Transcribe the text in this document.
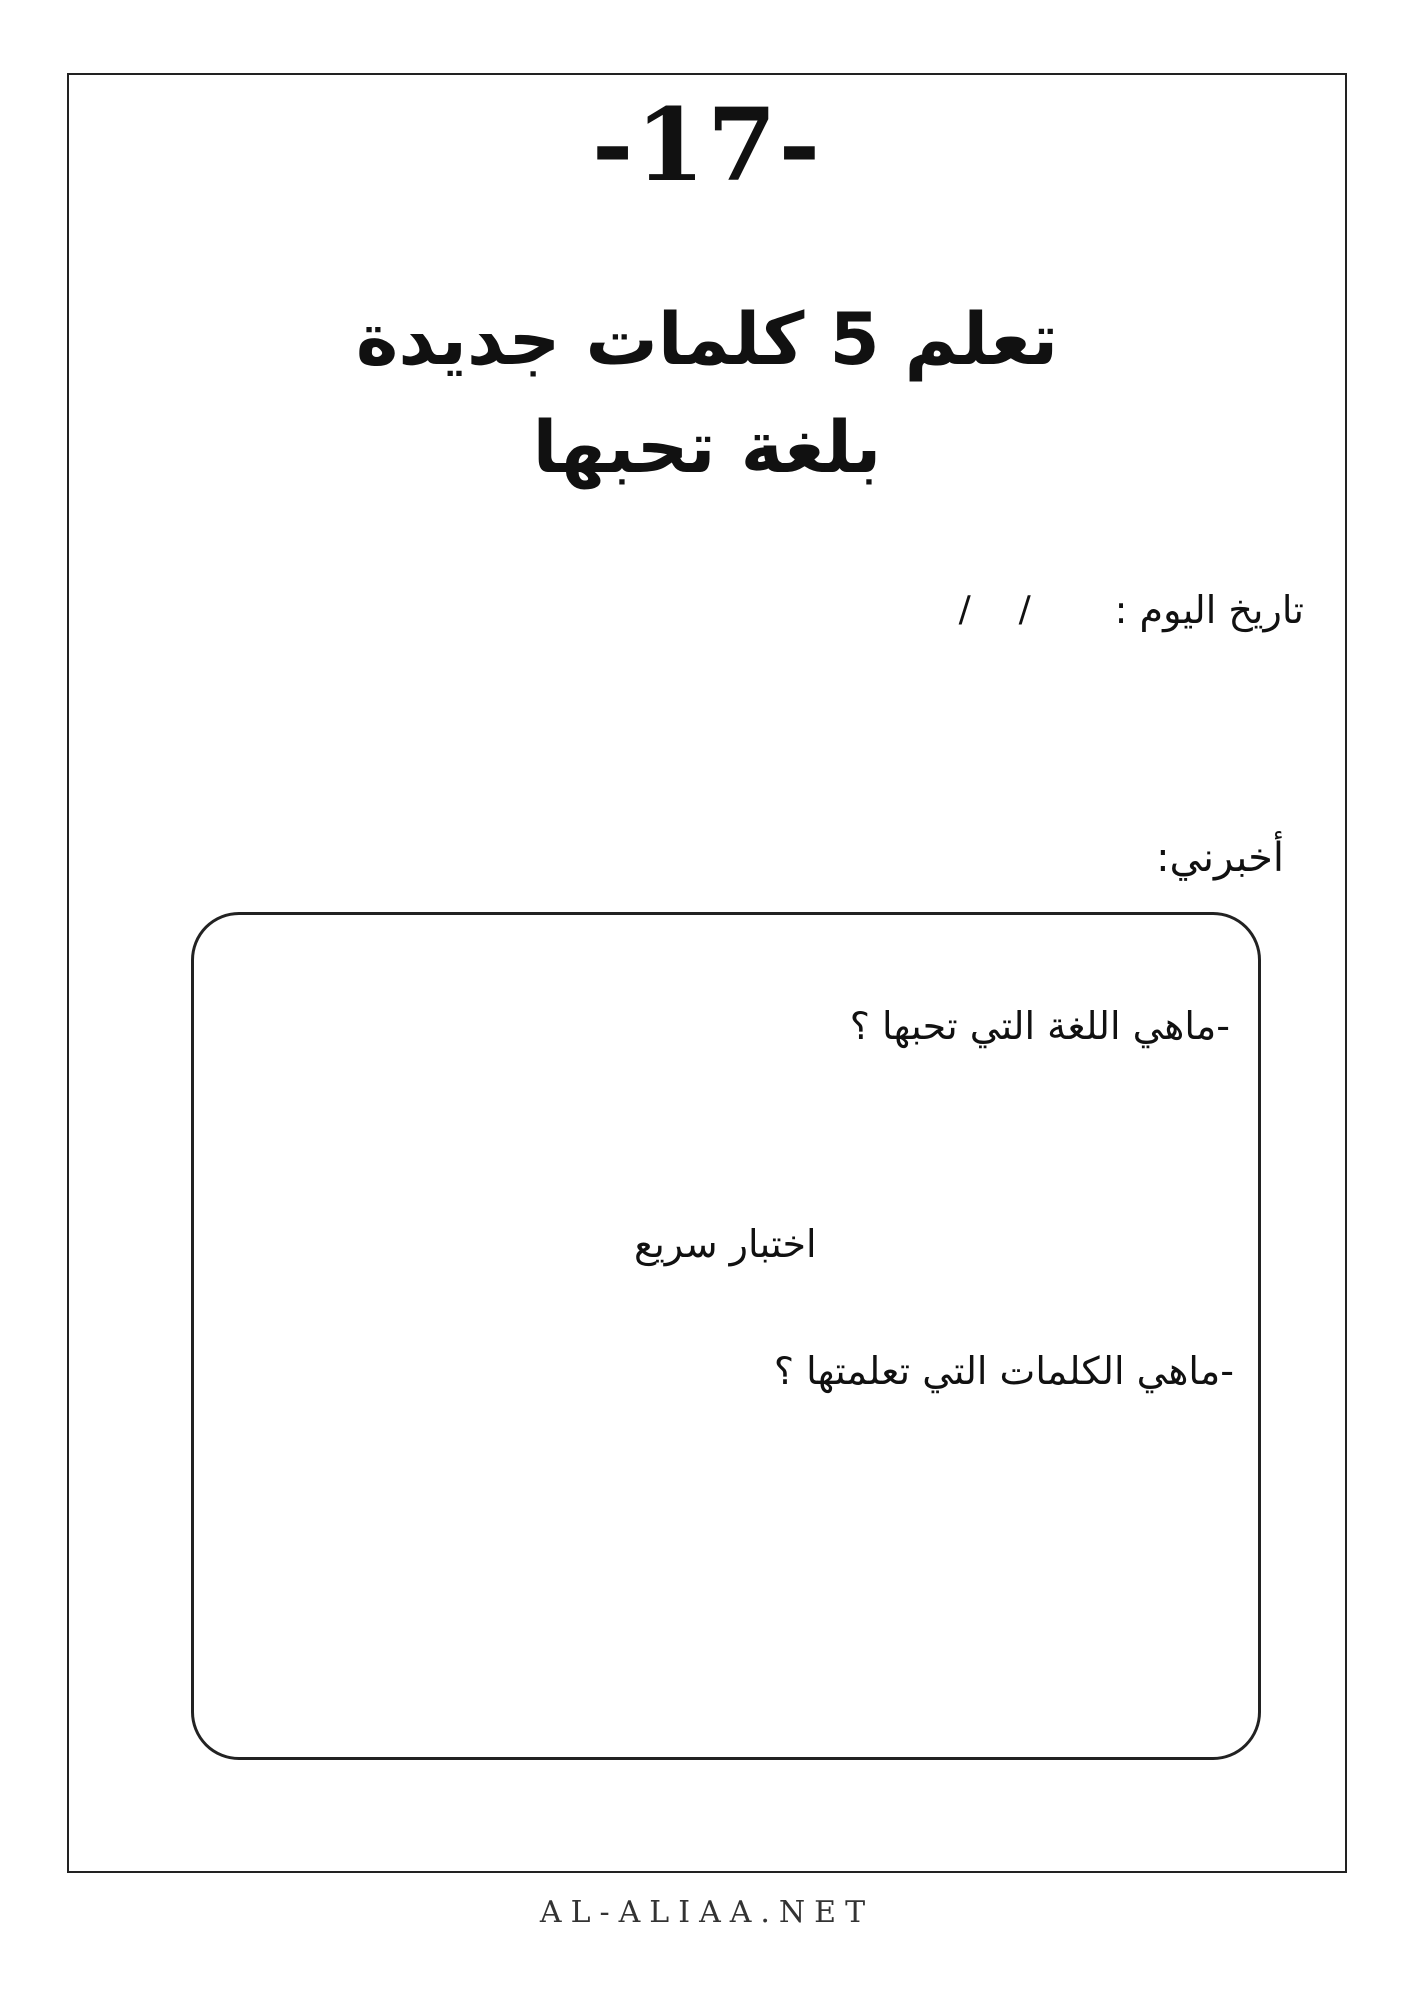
-17-
تعلم 5 كلمات جديدة
بلغة تحبها
تاريخ اليوم :
/
/
أخبرني:
-ماهي اللغة التي تحبها ؟
اختبار سريع
-ماهي الكلمات التي تعلمتها ؟
AL-ALIAA.NET
